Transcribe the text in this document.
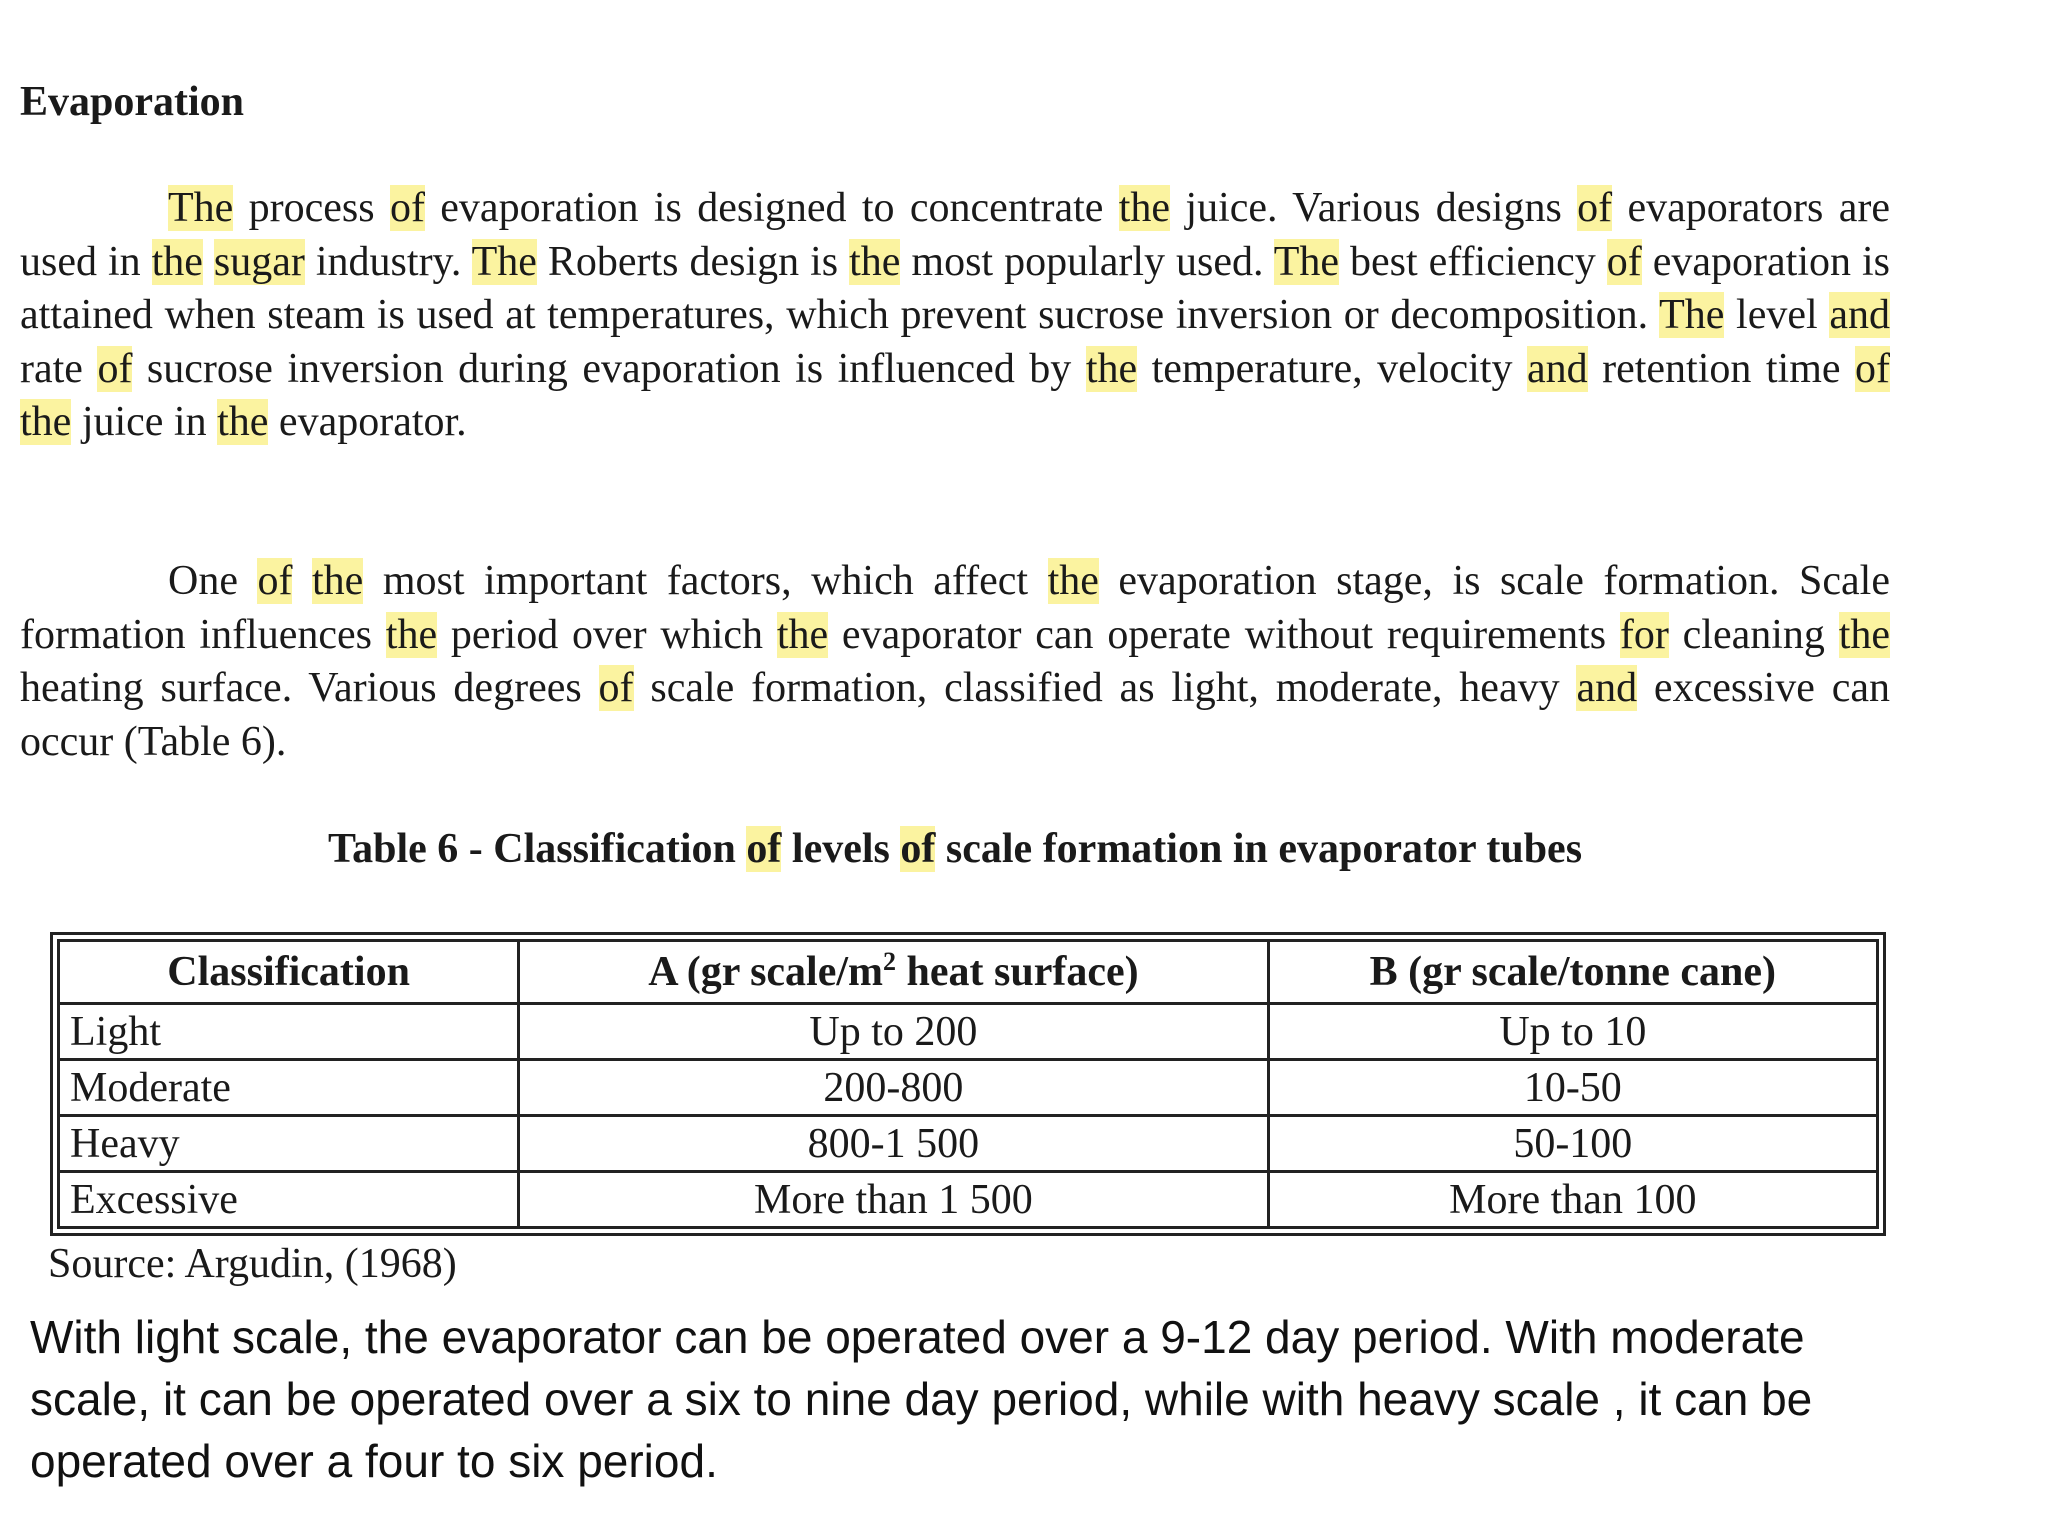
Evaporation

The process of evaporation is designed to concentrate the juice. Various designs of evaporators are used in the sugar industry. The Roberts design is the most popularly used. The best efficiency of evaporation is attained when steam is used at temperatures, which prevent sucrose inversion or decomposition. The level and rate of sucrose inversion during evaporation is influenced by the temperature, velocity and retention time of the juice in the evaporator.

One of the most important factors, which affect the evaporation stage, is scale formation. Scale formation influences the period over which the evaporator can operate without requirements for cleaning the heating surface. Various degrees of scale formation, classified as light, moderate, heavy and excessive can occur (Table 6).

Table 6 - Classification of levels of scale formation in evaporator tubes

Classification	A (gr scale/$m^2$ heat surface)	B (gr scale/tonne cane)
Light	Up to 200	Up to 10
Moderate	200-800	10-50
Heavy	800-1 500	50-100
Excessive	More than 1 500	More than 100

Source: Argudin, (1968)

With light scale, the evaporator can be operated over a 9-12 day period. With moderate scale, it can be operated over a six to nine day period, while with heavy scale , it can be operated over a four to six period.
